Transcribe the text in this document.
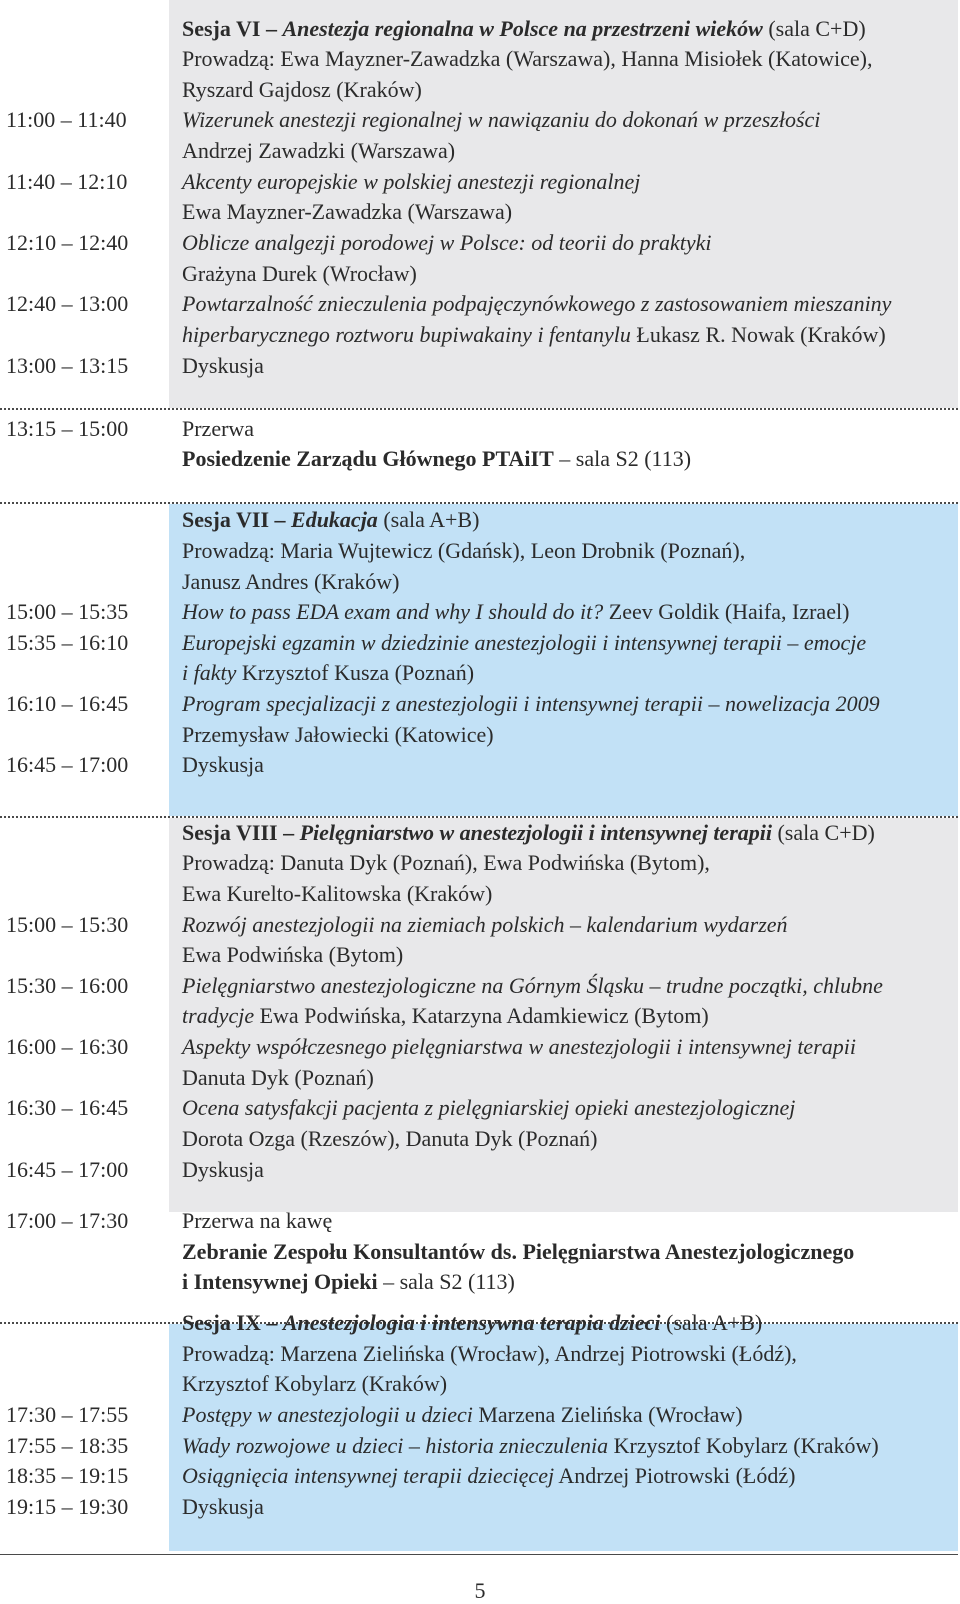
Sesja VI – Anestezja regionalna w Polsce na przestrzeni wieków (sala C+D)
Prowadzą: Ewa Mayzner-Zawadzka (Warszawa), Hanna Misiołek (Katowice),
Ryszard Gajdosz (Kraków)
11:00 – 11:40	Wizerunek anestezji regionalnej w nawiązaniu do dokonań w przeszłości
Andrzej Zawadzki (Warszawa)
11:40 – 12:10 Akcenty europejskie w polskiej anestezji regionalnej
Ewa Mayzner-Zawadzka (Warszawa)
12:10 – 12:40 Oblicze analgezji porodowej w Polsce: od teorii do praktyki
Grażyna Durek (Wrocław)
12:40 – 13:00 Powtarzalność znieczulenia podpajęczynówkowego z zastosowaniem mieszaniny
hiperbarycznego roztworu bupiwakainy i fentanylu Łukasz R. Nowak (Kraków)
13:00 – 13:15 Dyskusja
13:15 – 15:00 Przerwa
Posiedzenie Zarządu Głównego PTAiIT – sala S2 (113)
Sesja VII – Edukacja (sala A+B)
Prowadzą: Maria Wujtewicz (Gdańsk), Leon Drobnik (Poznań),
Janusz Andres (Kraków)
15:00 – 15:35 How to pass EDA exam and why I should do it? Zeev Goldik (Haifa, Izrael)
15:35 – 16:10 Europejski egzamin w dziedzinie anestezjologii i intensywnej terapii – emocje
i fakty Krzysztof Kusza (Poznań)
16:10 – 16:45 Program specjalizacji z anestezjologii i intensywnej terapii – nowelizacja 2009
Przemysław Jałowiecki (Katowice)
16:45 – 17:00 Dyskusja
Sesja VIII – Pielęgniarstwo w anestezjologii i intensywnej terapii (sala C+D)
Prowadzą: Danuta Dyk (Poznań), Ewa Podwińska (Bytom),
Ewa Kurelto-Kalitowska (Kraków)
15:00 – 15:30 Rozwój anestezjologii na ziemiach polskich – kalendarium wydarzeń
Ewa Podwińska (Bytom)
15:30 – 16:00 Pielęgniarstwo anestezjologiczne na Górnym Śląsku – trudne początki, chlubne
tradycje Ewa Podwińska, Katarzyna Adamkiewicz (Bytom)
16:00 – 16:30 Aspekty współczesnego pielęgniarstwa w anestezjologii i intensywnej terapii
Danuta Dyk (Poznań)
16:30 – 16:45 Ocena satysfakcji pacjenta z pielęgniarskiej opieki anestezjologicznej
Dorota Ozga (Rzeszów), Danuta Dyk (Poznań)
16:45 – 17:00 Dyskusja
17:00 – 17:30 Przerwa na kawę
Zebranie Zespołu Konsultantów ds. Pielęgniarstwa Anestezjologicznego
i Intensywnej Opieki – sala S2 (113)
Sesja IX – Anestezjologia i intensywna terapia dzieci (sala A+B)
Prowadzą: Marzena Zielińska (Wrocław), Andrzej Piotrowski (Łódź),
Krzysztof Kobylarz (Kraków)
17:30 – 17:55 Postępy w anestezjologii u dzieci Marzena Zielińska (Wrocław)
17:55 – 18:35 Wady rozwojowe u dzieci – historia znieczulenia Krzysztof Kobylarz (Kraków)
18:35 – 19:15 Osiągnięcia intensywnej terapii dziecięcej Andrzej Piotrowski (Łódź)
19:15 – 19:30 Dyskusja
5
